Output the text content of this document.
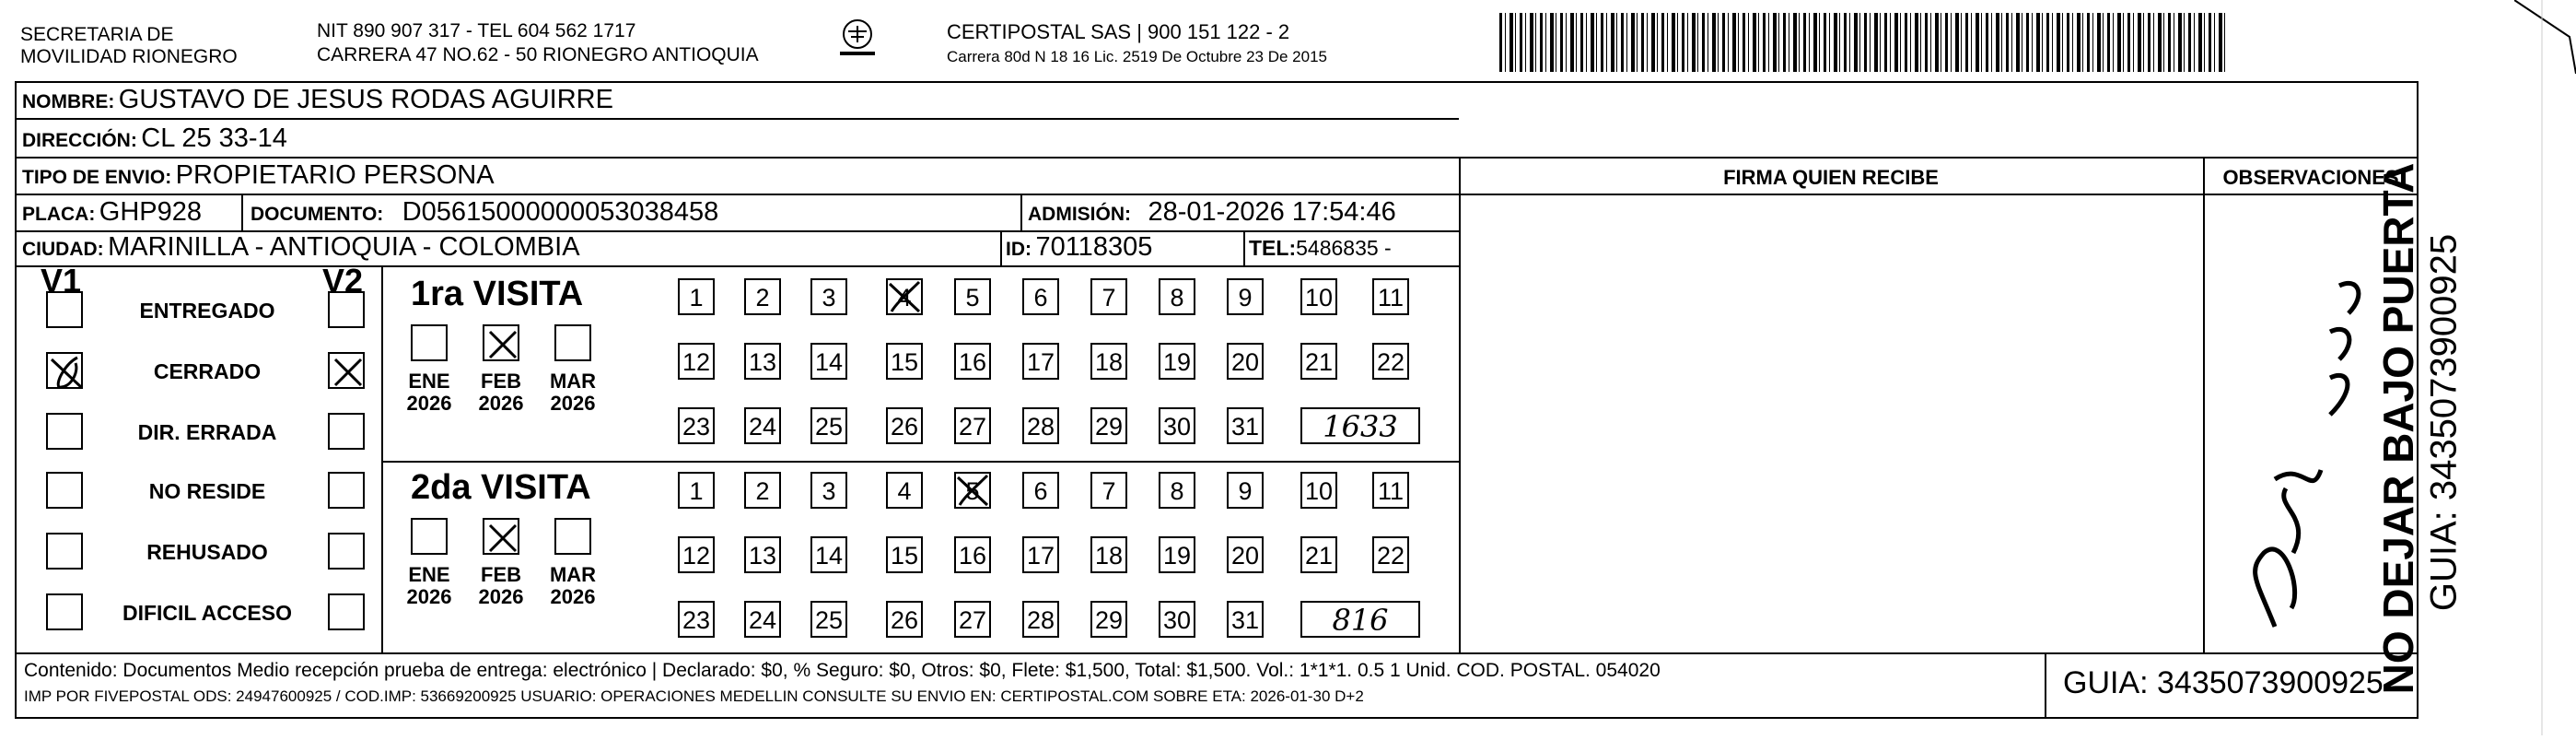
SECRETARIA DE
MOVILIDAD RIONEGRO
NIT 890 907 317 - TEL 604 562 1717
CARRERA 47 NO.62 - 50 RIONEGRO ANTIOQUIA
CERTIPOSTAL SAS | 900 151 122 - 2
Carrera 80d N 18 16 Lic. 2519 De Octubre 23 De 2015
NOMBRE: GUSTAVO DE JESUS RODAS AGUIRRE
DIRECCIÓN: CL 25 33-14
TIPO DE ENVIO: PROPIETARIO PERSONA	FIRMA QUIEN RECIBE	OBSERVACIONES
PLACA: GHP928	DOCUMENTO: D05615000000053038458	ADMISIÓN: 28-01-2026 17:54:46
CIUDAD: MARINILLA - ANTIOQUIA - COLOMBIA	ID: 70118305	TEL:5486835 -
V1	V2
ENTREGADO
CERRADO
DIR. ERRADA
NO RESIDE
REHUSADO
DIFICIL ACCESO
1ra VISITA
2da VISITA
ENE 2026
FEB 2026
MAR 2026
1	2	3	4	5	6	7	8	9	10 11
12 13 14 15 16 17 18 19 20 21 22
23 24 25 26 27 28 29 30 31	1633
ENE 2026
FEB 2026
MAR 2026
1	2	3	4	5	6	7	8	9	10 11
12 13 14 15 16 17 18 19 20 21 22
23 24 25 26 27 28 29 30 31	816	NO DEJAR BAJO PUERTA GUIA: 3435073900925
Contenido: Documentos Medio recepción prueba de entrega: electrónico | Declarado: $0, % Seguro: $0, Otros: $0, Flete: $1,500, Total: $1,500. Vol.: 1*1*1. 0.5 1 Unid. COD. POSTAL. 054020
IMP POR FIVEPOSTAL ODS: 24947600925 / COD.IMP: 53669200925 USUARIO: OPERACIONES MEDELLIN CONSULTE SU ENVIO EN: CERTIPOSTAL.COM SOBRE ETA: 2026-01-30 D+2	GUIA: 3435073900925
